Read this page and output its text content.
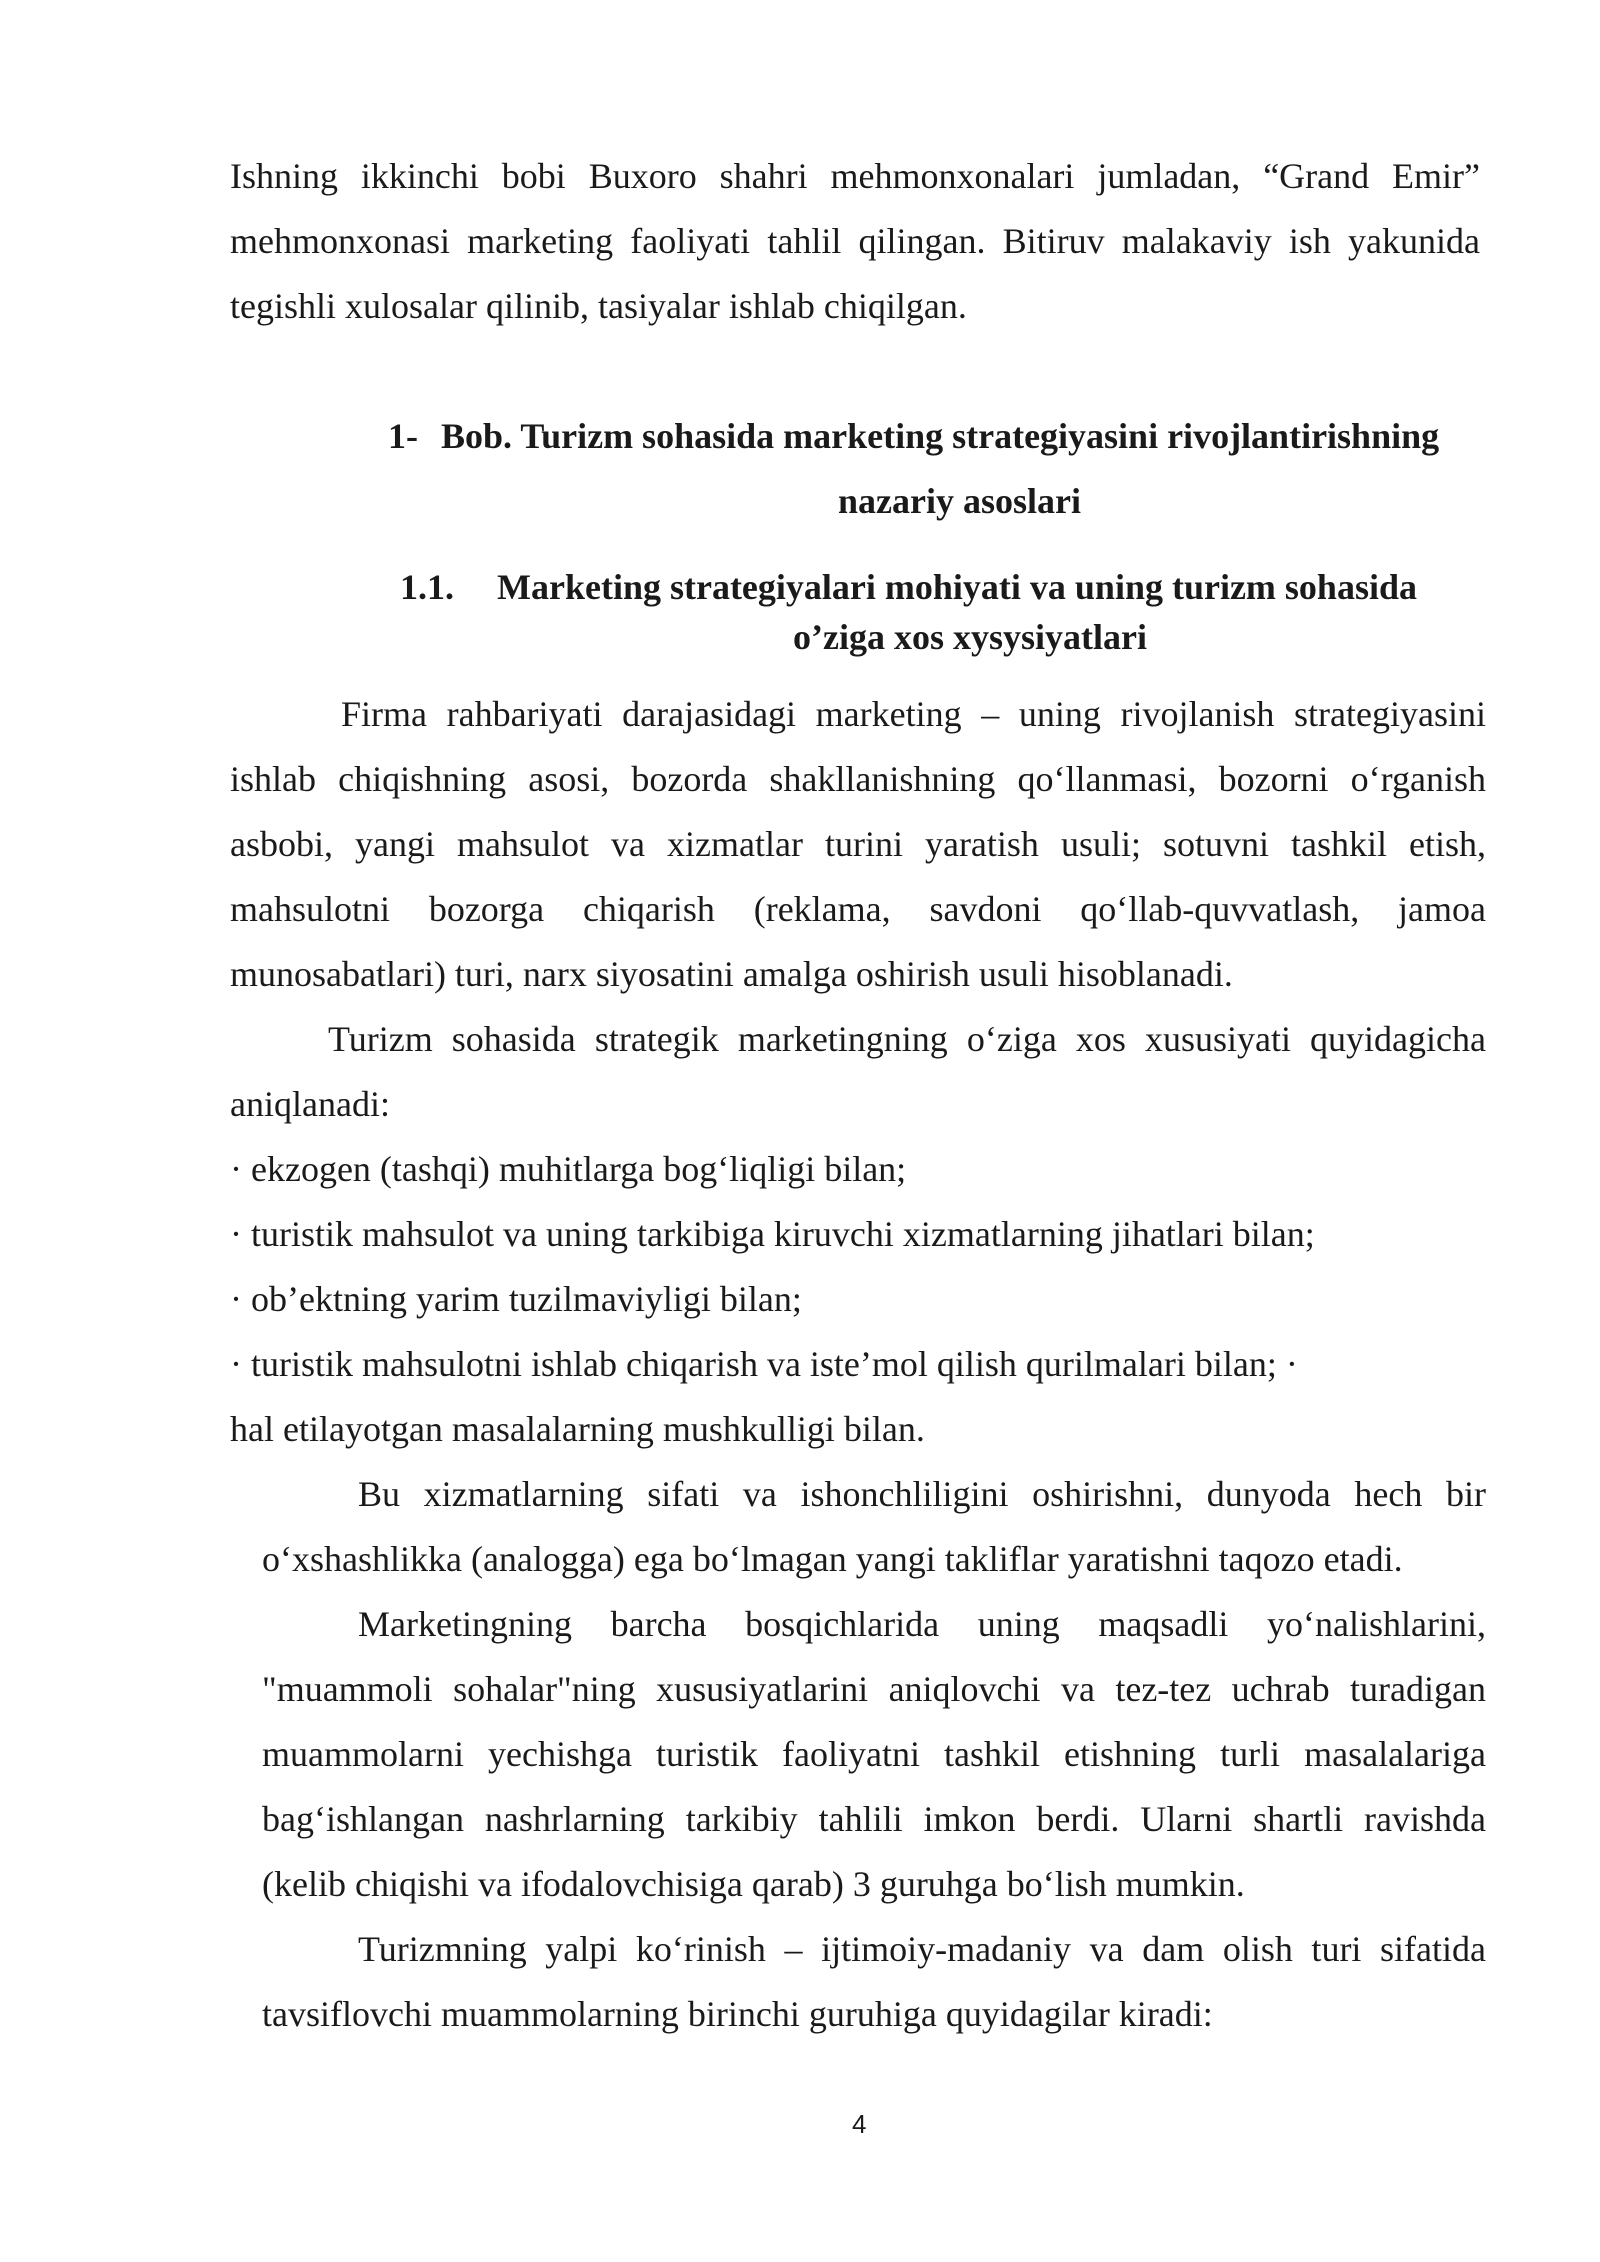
Ishning ikkinchi bobi Buxoro shahri mehmonxonalari jumladan, “Grand Emir”
mehmonxonasi marketing faoliyati tahlil qilingan. Bitiruv malakaviy ish yakunida
tegishli xulosalar qilinib, tasiyalar ishlab chiqilgan.
1- Bob. Turizm sohasida marketing strategiyasini rivojlantirishning
nazariy asoslari
1.1. Marketing strategiyalari mohiyati va uning turizm sohasida
o’ziga xos xysysiyatlari
Firma rahbariyati darajasidagi marketing – uning rivojlanish strategiyasini
ishlab chiqishning asosi, bozorda shakllanishning qo‘llanmasi, bozorni o‘rganish
asbobi, yangi mahsulot va xizmatlar turini yaratish usuli; sotuvni tashkil etish,
mahsulotni bozorga chiqarish (reklama, savdoni qo‘llab-quvvatlash, jamoa
munosabatlari) turi, narx siyosatini amalga oshirish usuli hisoblanadi.
Turizm sohasida strategik marketingning o‘ziga xos xususiyati quyidagicha
aniqlanadi:
· ekzogen (tashqi) muhitlarga bog‘liqligi bilan;
· turistik mahsulot va uning tarkibiga kiruvchi xizmatlarning jihatlari bilan;
· ob’ektning yarim tuzilmaviyligi bilan;
· turistik mahsulotni ishlab chiqarish va iste’mol qilish qurilmalari bilan; ·
hal etilayotgan masalalarning mushkulligi bilan.
Bu xizmatlarning sifati va ishonchliligini oshirishni, dunyoda hech bir
o‘xshashlikka (analogga) ega bo‘lmagan yangi takliflar yaratishni taqozo etadi.
Marketingning barcha bosqichlarida uning maqsadli yo‘nalishlarini,
"muammoli sohalar"ning xususiyatlarini aniqlovchi va tez-tez uchrab turadigan
muammolarni yechishga turistik faoliyatni tashkil etishning turli masalalariga
bag‘ishlangan nashrlarning tarkibiy tahlili imkon berdi. Ularni shartli ravishda
(kelib chiqishi va ifodalovchisiga qarab) 3 guruhga bo‘lish mumkin.
Turizmning yalpi ko‘rinish – ijtimoiy-madaniy va dam olish turi sifatida
tavsiflovchi muammolarning birinchi guruhiga quyidagilar kiradi:
4
